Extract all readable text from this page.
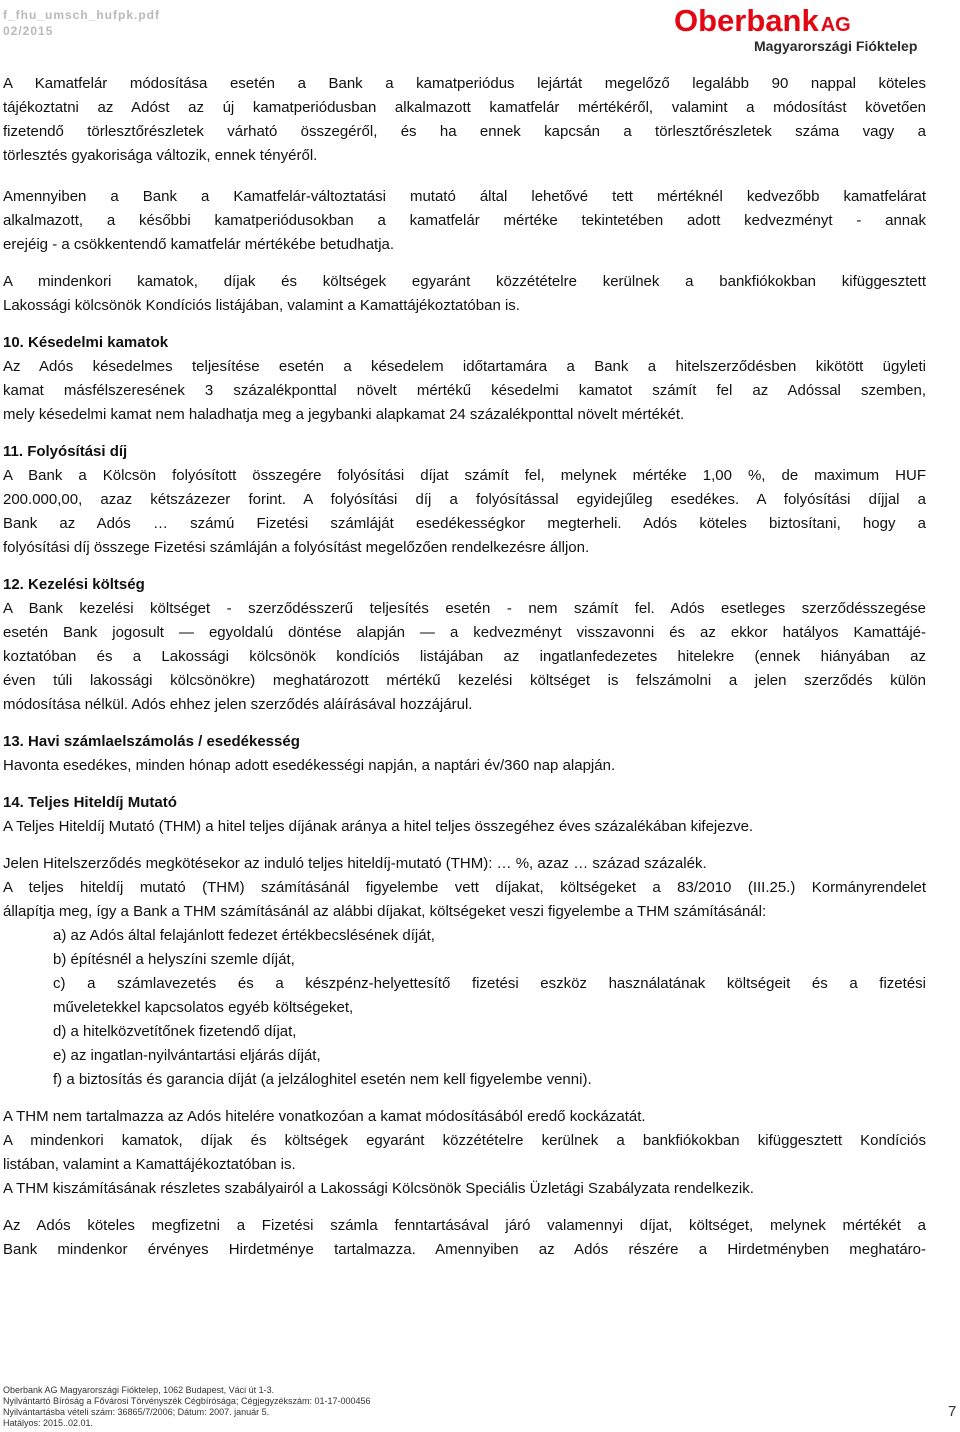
f_fhu_umsch_hufpk.pdf
02/2015	Oberbank AG
Magyarországi Fióktelep

A Kamatfelár módosítása esetén a Bank a kamatperiódus lejártát megelőző legalább 90 nappal köteles
tájékoztatni az Adóst az új kamatperiódusban alkalmazott kamatfelár mértékéről, valamint a módosítást követően
fizetendő törlesztőrészletek várható összegéről, és ha ennek kapcsán a törlesztőrészletek száma vagy a
törlesztés gyakorisága változik, ennek tényéről.

Amennyiben a Bank a Kamatfelár-változtatási mutató által lehetővé tett mértéknél kedvezőbb kamatfelárat
alkalmazott, a későbbi kamatperiódusokban a kamatfelár mértéke tekintetében adott kedvezményt - annak
erejéig - a csökkentendő kamatfelár mértékébe betudhatja.

A mindenkori kamatok, díjak és költségek egyaránt közzétételre kerülnek a bankfiókokban kifüggesztett
Lakossági kölcsönök Kondíciós listájában, valamint a Kamattájékoztatóban is.

10. Késedelmi kamatok
Az Adós késedelmes teljesítése esetén a késedelem időtartamára a Bank a hitelszerződésben kikötött ügyleti
kamat másfélszeresének 3 százalékponttal növelt mértékű késedelmi kamatot számít fel az Adóssal szemben,
mely késedelmi kamat nem haladhatja meg a jegybanki alapkamat 24 százalékponttal növelt mértékét.
11. Folyósítási díj
A Bank a Kölcsön folyósított összegére folyósítási díjat számít fel, melynek mértéke 1,00 %, de maximum HUF
200.000,00, azaz kétszázezer forint. A folyósítási díj a folyósítással egyidejűleg esedékes. A folyósítási díjjal a
Bank az Adós … számú Fizetési számláját esedékességkor megterheli. Adós köteles biztosítani, hogy a
folyósítási díj összege Fizetési számláján a folyósítást megelőzően rendelkezésre álljon.
12. Kezelési költség
A Bank kezelési költséget - szerződésszerű teljesítés esetén - nem számít fel. Adós esetleges szerződésszegése
esetén Bank jogosult — egyoldalú döntése alapján — a kedvezményt visszavonni és az ekkor hatályos Kamattájé-
koztatóban és a Lakossági kölcsönök kondíciós listájában az ingatlanfedezetes hitelekre (ennek hiányában az
éven túli lakossági kölcsönökre) meghatározott mértékű kezelési költséget is felszámolni a jelen szerződés külön
módosítása nélkül. Adós ehhez jelen szerződés aláírásával hozzájárul.
13. Havi számlaelszámolás / esedékesség
Havonta esedékes, minden hónap adott esedékességi napján, a naptári év/360 nap alapján.
14. Teljes Hiteldíj Mutató
A Teljes Hiteldíj Mutató (THM) a hitel teljes díjának aránya a hitel teljes összegéhez éves százalékában kifejezve.
Jelen Hitelszerződés megkötésekor az induló teljes hiteldíj-mutató (THM): … %, azaz … század százalék.
A teljes hiteldíj mutató (THM) számításánál figyelembe vett díjakat, költségeket a 83/2010 (III.25.) Kormányrendelet
állapítja meg, így a Bank a THM számításánál az alábbi díjakat, költségeket veszi figyelembe a THM számításánál:
a) az Adós által felajánlott fedezet értékbecslésének díját,
b) építésnél a helyszíni szemle díját,
c) a számlavezetés és a készpénz-helyettesítő fizetési eszköz használatának költségeit és a fizetési
műveletekkel kapcsolatos egyéb költségeket,
d) a hitelközvetítőnek fizetendő díjat,
e) az ingatlan-nyilvántartási eljárás díját,
f) a biztosítás és garancia díját (a jelzáloghitel esetén nem kell figyelembe venni).
A THM nem tartalmazza az Adós hitelére vonatkozóan a kamat módosításából eredő kockázatát.
A mindenkori kamatok, díjak és költségek egyaránt közzétételre kerülnek a bankfiókokban kifüggesztett Kondíciós
listában, valamint a Kamattájékoztatóban is.
A THM kiszámításának részletes szabályairól a Lakossági Kölcsönök Speciális Üzletági Szabályzata rendelkezik.

Az Adós köteles megfizetni a Fizetési számla fenntartásával járó valamennyi díjat, költséget, melynek mértékét a
Bank mindenkor érvényes Hirdetménye tartalmazza. Amennyiben az Adós részére a Hirdetményben meghatáro-

Oberbank AG Magyarországi Fióktelep, 1062 Budapest, Váci út 1-3.
Nyilvántartó Bíróság a Fővárosi Törvényszék Cégbírósága; Cégjegyzékszám: 01-17-000456
Nyilvántartásba vételi szám: 36865/7/2006; Dátum: 2007. január 5.
Hatályos: 2015..02.01.
7
